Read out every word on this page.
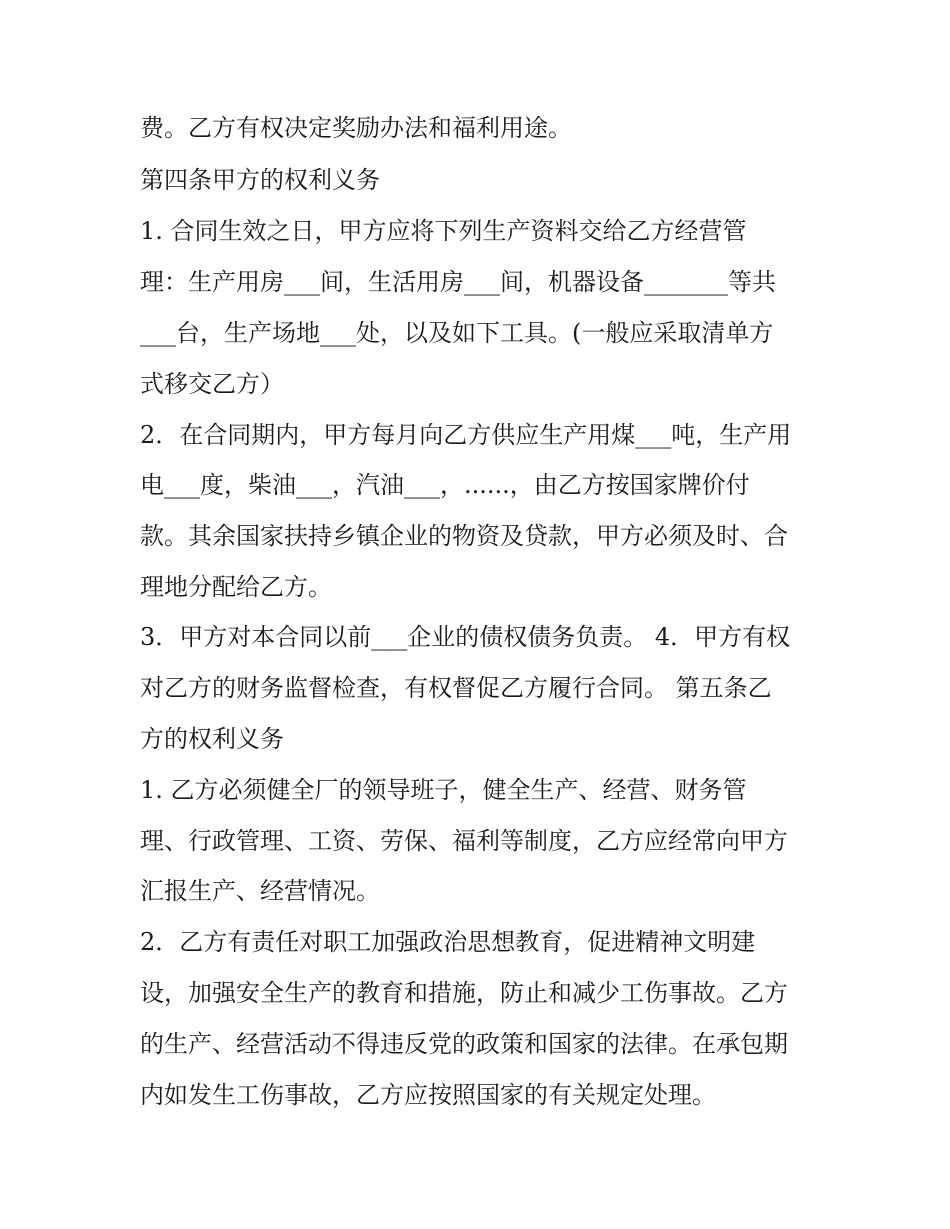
费。乙方有权决定奖励办法和福利用途。
第四条甲方的权利义务
1. 合同生效之日，甲方应将下列生产资料交给乙方经营管
理：生产用房___间，生活用房___间，机器设备_______等共
___台，生产场地___处，以及如下工具。(一般应采取清单方
式移交乙方）
2．在合同期内，甲方每月向乙方供应生产用煤___吨，生产用
电___度，柴油___，汽油___，......，由乙方按国家牌价付
款。其余国家扶持乡镇企业的物资及贷款，甲方必须及时、合
理地分配给乙方。
3．甲方对本合同以前___企业的债权债务负责。 4．甲方有权
对乙方的财务监督检查，有权督促乙方履行合同。 第五条乙
方的权利义务
1. 乙方必须健全厂的领导班子，健全生产、经营、财务管
理、行政管理、工资、劳保、福利等制度，乙方应经常向甲方
汇报生产、经营情况。
2．乙方有责任对职工加强政治思想教育，促进精神文明建
设，加强安全生产的教育和措施，防止和减少工伤事故。乙方
的生产、经营活动不得违反党的政策和国家的法律。在承包期
内如发生工伤事故，乙方应按照国家的有关规定处理。
